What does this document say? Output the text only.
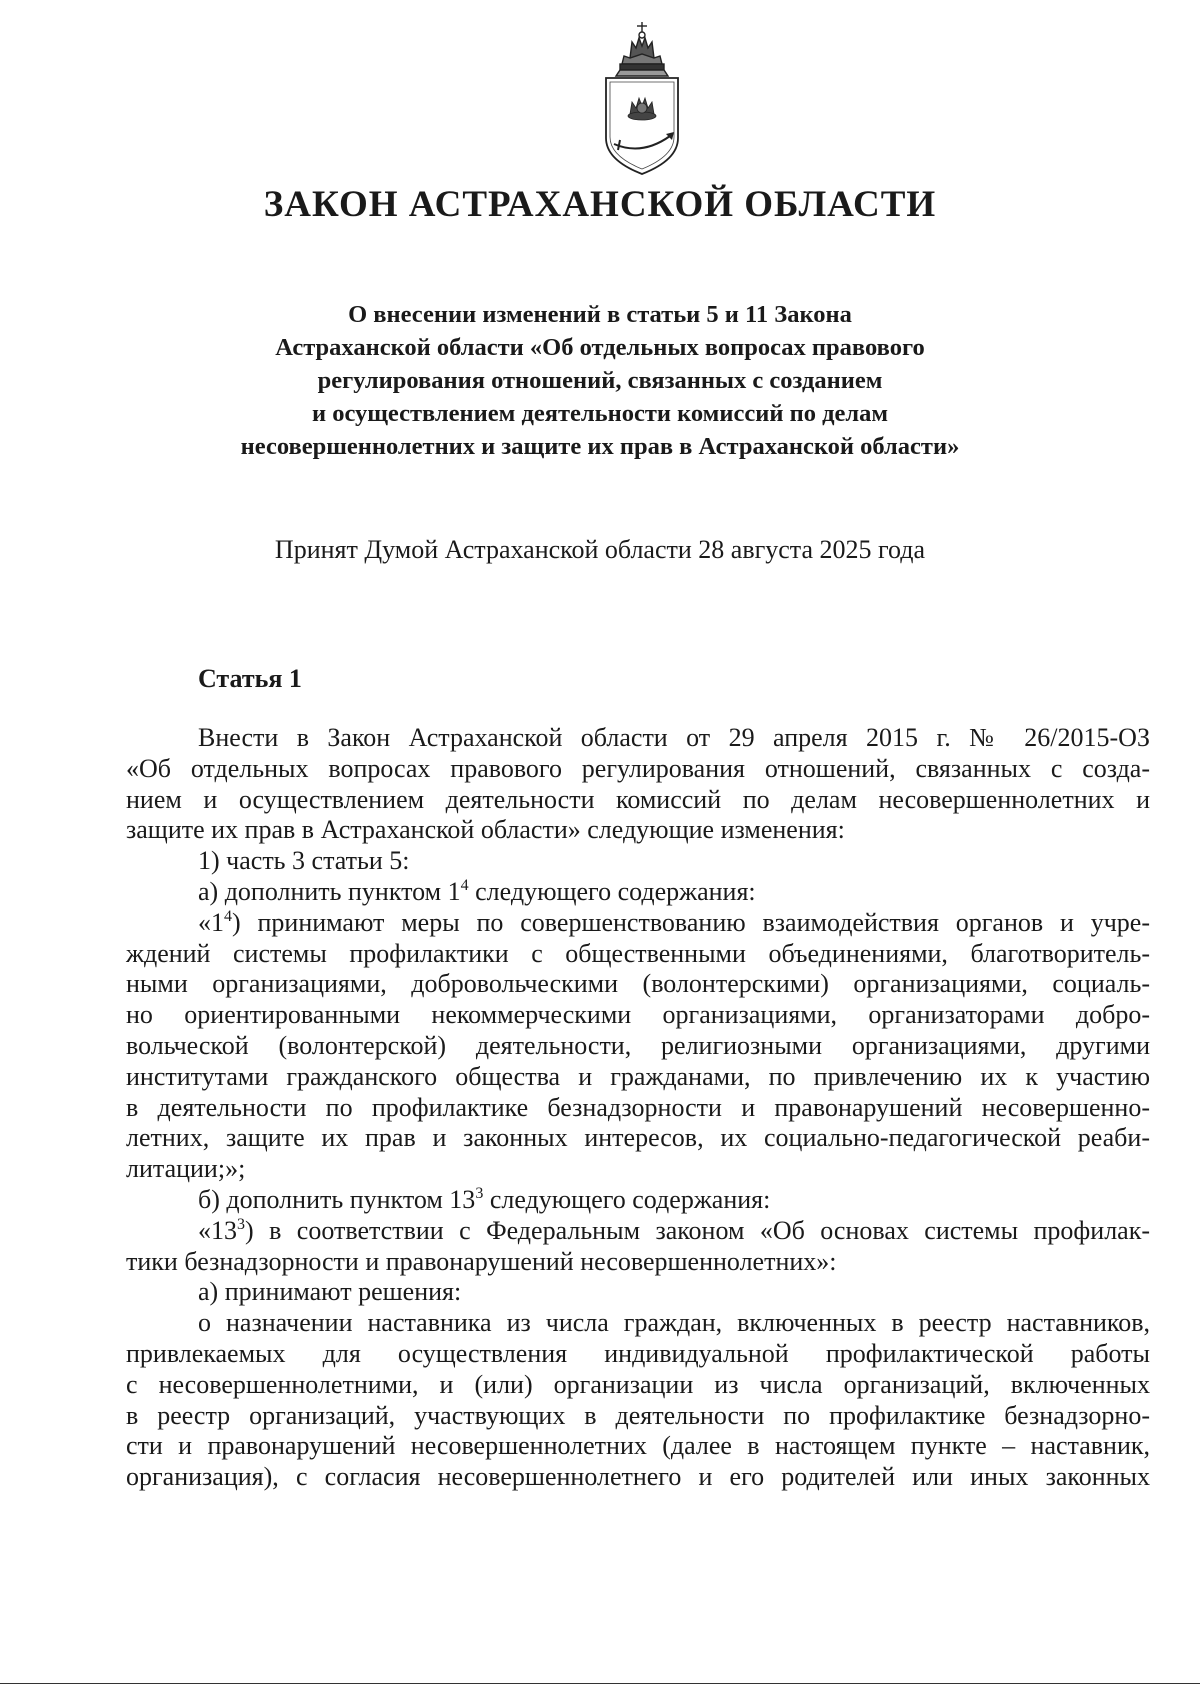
ЗАКОН АСТРАХАНСКОЙ ОБЛАСТИ
О внесении изменений в статьи 5 и 11 Закона
Астраханской области «Об отдельных вопросах правового
регулирования отношений, связанных с созданием
и осуществлением деятельности комиссий по делам
несовершеннолетних и защите их прав в Астраханской области»
Принят Думой Астраханской области 28 августа 2025 года
Статья 1
Внести в Закон Астраханской области от 29 апреля 2015 г. № 26/2015-ОЗ
«Об отдельных вопросах правового регулирования отношений, связанных с созда-
нием и осуществлением деятельности комиссий по делам несовершеннолетних и
защите их прав в Астраханской области» следующие изменения:
1) часть 3 статьи 5:
а) дополнить пунктом $1^4$ следующего содержания:
«$1^4$) принимают меры по совершенствованию взаимодействия органов и учре-
ждений системы профилактики с общественными объединениями, благотворитель-
ными организациями, добровольческими (волонтерскими) организациями, социаль-
но ориентированными некоммерческими организациями, организаторами добро-
вольческой (волонтерской) деятельности, религиозными организациями, другими
институтами гражданского общества и гражданами, по привлечению их к участию
в деятельности по профилактике безнадзорности и правонарушений несовершенно-
летних, защите их прав и законных интересов, их социально-педагогической реаби-
литации;»;
б) дополнить пунктом $13^3$ следующего содержания:
«$13^3$) в соответствии с Федеральным законом «Об основах системы профилак-
тики безнадзорности и правонарушений несовершеннолетних»:
а) принимают решения:
о назначении наставника из числа граждан, включенных в реестр наставников,
привлекаемых для осуществления индивидуальной профилактической работы
с несовершеннолетними, и (или) организации из числа организаций, включенных
в реестр организаций, участвующих в деятельности по профилактике безнадзорно-
сти и правонарушений несовершеннолетних (далее в настоящем пункте – наставник,
организация), с согласия несовершеннолетнего и его родителей или иных законных
